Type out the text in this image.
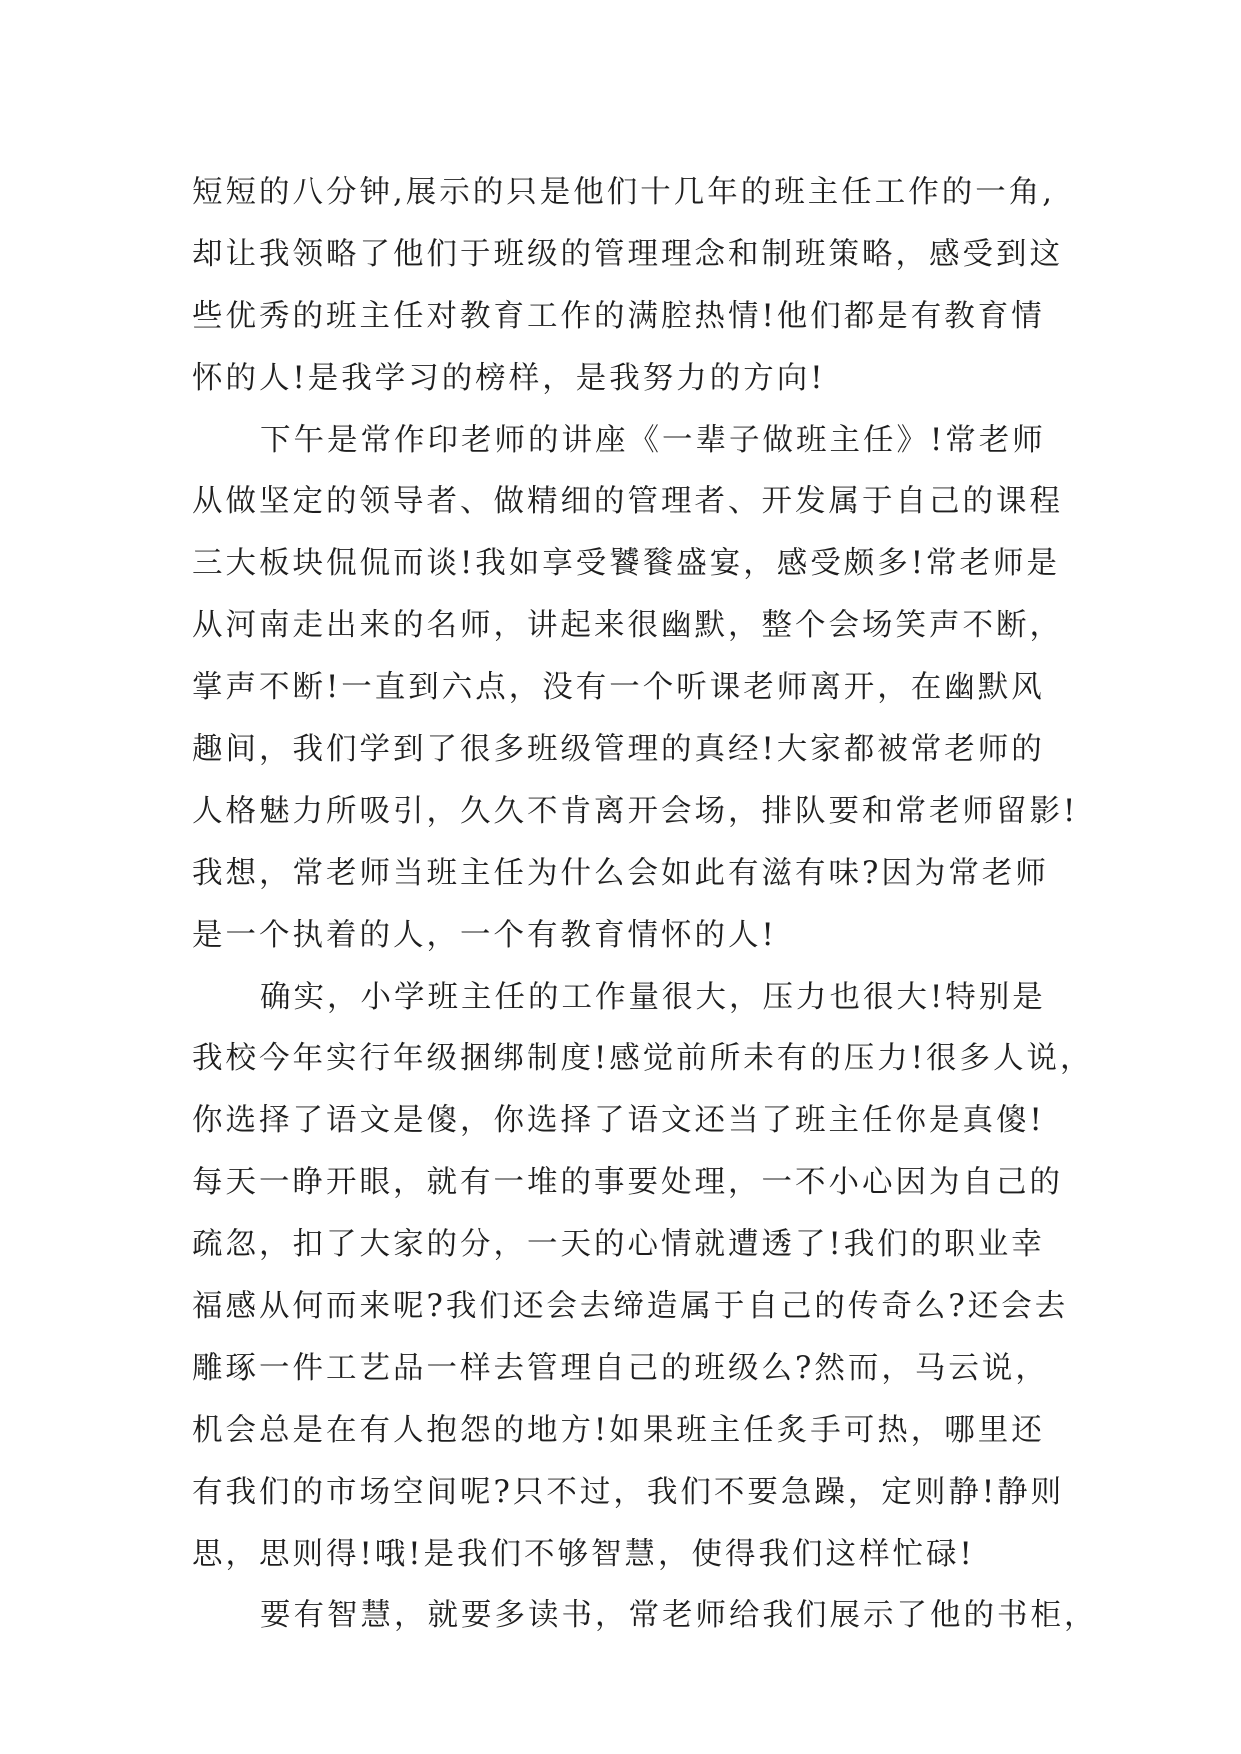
短短的八分钟,展示的只是他们十几年的班主任工作的一角,
却让我领略了他们于班级的管理理念和制班策略，感受到这
些优秀的班主任对教育工作的满腔热情!他们都是有教育情
怀的人!是我学习的榜样，是我努力的方向!
下午是常作印老师的讲座《一辈子做班主任》!常老师
从做坚定的领导者、做精细的管理者、开发属于自己的课程
三大板块侃侃而谈!我如享受饕餮盛宴，感受颇多!常老师是
从河南走出来的名师，讲起来很幽默，整个会场笑声不断，
掌声不断!一直到六点，没有一个听课老师离开，在幽默风
趣间，我们学到了很多班级管理的真经!大家都被常老师的
人格魅力所吸引，久久不肯离开会场，排队要和常老师留影!
我想，常老师当班主任为什么会如此有滋有味?因为常老师
是一个执着的人，一个有教育情怀的人!
确实，小学班主任的工作量很大，压力也很大!特别是
我校今年实行年级捆绑制度!感觉前所未有的压力!很多人说，
你选择了语文是傻，你选择了语文还当了班主任你是真傻!
每天一睁开眼，就有一堆的事要处理，一不小心因为自己的
疏忽，扣了大家的分，一天的心情就遭透了!我们的职业幸
福感从何而来呢?我们还会去缔造属于自己的传奇么?还会去
雕琢一件工艺品一样去管理自己的班级么?然而，马云说，
机会总是在有人抱怨的地方!如果班主任炙手可热，哪里还
有我们的市场空间呢?只不过，我们不要急躁，定则静!静则
思，思则得!哦!是我们不够智慧，使得我们这样忙碌!
要有智慧，就要多读书，常老师给我们展示了他的书柜，
